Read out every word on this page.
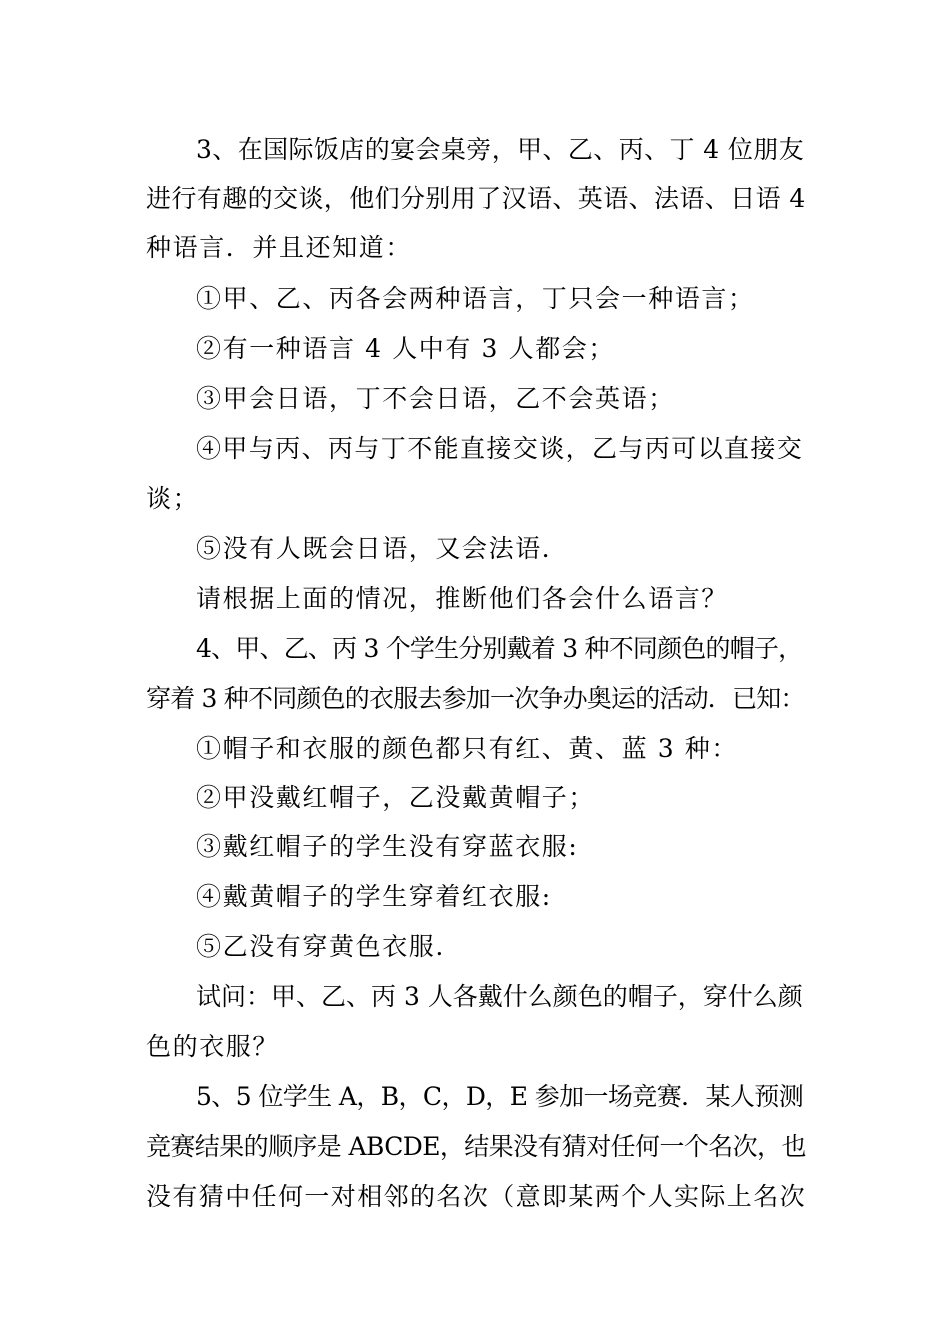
3、在国际饭店的宴会桌旁，甲、乙、丙、丁 4 位朋友

进行有趣的交谈，他们分别用了汉语、英语、法语、日语 4

种语言．并且还知道：

①甲、乙、丙各会两种语言，丁只会一种语言；

②有一种语言 4 人中有 3 人都会；

③甲会日语，丁不会日语，乙不会英语；

④甲与丙、丙与丁不能直接交谈，乙与丙可以直接交

谈；

⑤没有人既会日语，又会法语．

请根据上面的情况，推断他们各会什么语言？

4、甲、乙、丙 3 个学生分别戴着 3 种不同颜色的帽子，

穿着 3 种不同颜色的衣服去参加一次争办奥运的活动．已知：

①帽子和衣服的颜色都只有红、黄、蓝 3 种：

②甲没戴红帽子，乙没戴黄帽子；

③戴红帽子的学生没有穿蓝衣服:

④戴黄帽子的学生穿着红衣服:

⑤乙没有穿黄色衣服.

试问：甲、乙、丙 3 人各戴什么颜色的帽子，穿什么颜

色的衣服？

5、5 位学生 A，B，C，D，E 参加一场竞赛．某人预测

竞赛结果的顺序是 ABCDE，结果没有猜对任何一个名次，也

没有猜中任何一对相邻的名次（意即某两个人实际上名次
